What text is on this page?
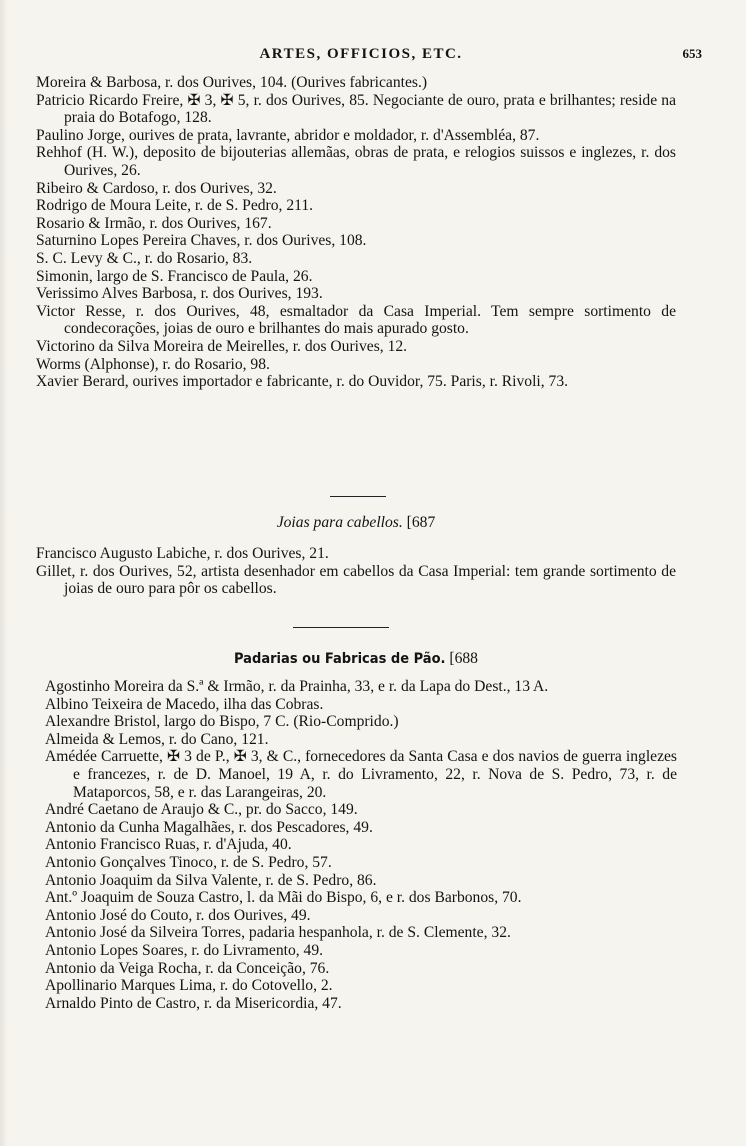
ARTES, OFFICIOS, ETC.	653
Moreira & Barbosa, r. dos Ourives, 104. (Ourives fabricantes.)
Patricio Ricardo Freire, ✠ 3, ✠ 5, r. dos Ourives, 85. Negociante de ouro, prata e brilhantes; reside na praia do Botafogo, 128.
Paulino Jorge, ourives de prata, lavrante, abridor e moldador, r. d'Assembléa, 87.
Rehhof (H. W.), deposito de bijouterias allemãas, obras de prata, e relogios suissos e inglezes, r. dos Ourives, 26.
Ribeiro & Cardoso, r. dos Ourives, 32.
Rodrigo de Moura Leite, r. de S. Pedro, 211.
Rosario & Irmão, r. dos Ourives, 167.
Saturnino Lopes Pereira Chaves, r. dos Ourives, 108.
S. C. Levy & C., r. do Rosario, 83.
Simonin, largo de S. Francisco de Paula, 26.
Verissimo Alves Barbosa, r. dos Ourives, 193.
Victor Resse, r. dos Ourives, 48, esmaltador da Casa Imperial. Tem sempre sortimento de condecorações, joias de ouro e brilhantes do mais apurado gosto.
Victorino da Silva Moreira de Meirelles, r. dos Ourives, 12.
Worms (Alphonse), r. do Rosario, 98.
Xavier Berard, ourives importador e fabricante, r. do Ouvidor, 75. Paris, r. Rivoli, 73.
Joias para cabellos. [687
Francisco Augusto Labiche, r. dos Ourives, 21.
Gillet, r. dos Ourives, 52, artista desenhador em cabellos da Casa Imperial: tem grande sortimento de joias de ouro para pôr os cabellos.
Padarias ou Fabricas de Pão. [688
Agostinho Moreira da S.ª & Irmão, r. da Prainha, 33, e r. da Lapa do Dest., 13 A.
Albino Teixeira de Macedo, ilha das Cobras.
Alexandre Bristol, largo do Bispo, 7 C. (Rio-Comprido.)
Almeida & Lemos, r. do Cano, 121.
Amédée Carruette, ✠ 3 de P., ✠ 3, & C., fornecedores da Santa Casa e dos navios de guerra inglezes e francezes, r. de D. Manoel, 19 A, r. do Livramento, 22, r. Nova de S. Pedro, 73, r. de Mataporcos, 58, e r. das Larangeiras, 20.
André Caetano de Araujo & C., pr. do Sacco, 149.
Antonio da Cunha Magalhães, r. dos Pescadores, 49.
Antonio Francisco Ruas, r. d'Ajuda, 40.
Antonio Gonçalves Tinoco, r. de S. Pedro, 57.
Antonio Joaquim da Silva Valente, r. de S. Pedro, 86.
Ant.º Joaquim de Souza Castro, l. da Mãi do Bispo, 6, e r. dos Barbonos, 70.
Antonio José do Couto, r. dos Ourives, 49.
Antonio José da Silveira Torres, padaria hespanhola, r. de S. Clemente, 32.
Antonio Lopes Soares, r. do Livramento, 49.
Antonio da Veiga Rocha, r. da Conceição, 76.
Apollinario Marques Lima, r. do Cotovello, 2.
Arnaldo Pinto de Castro, r. da Misericordia, 47.
